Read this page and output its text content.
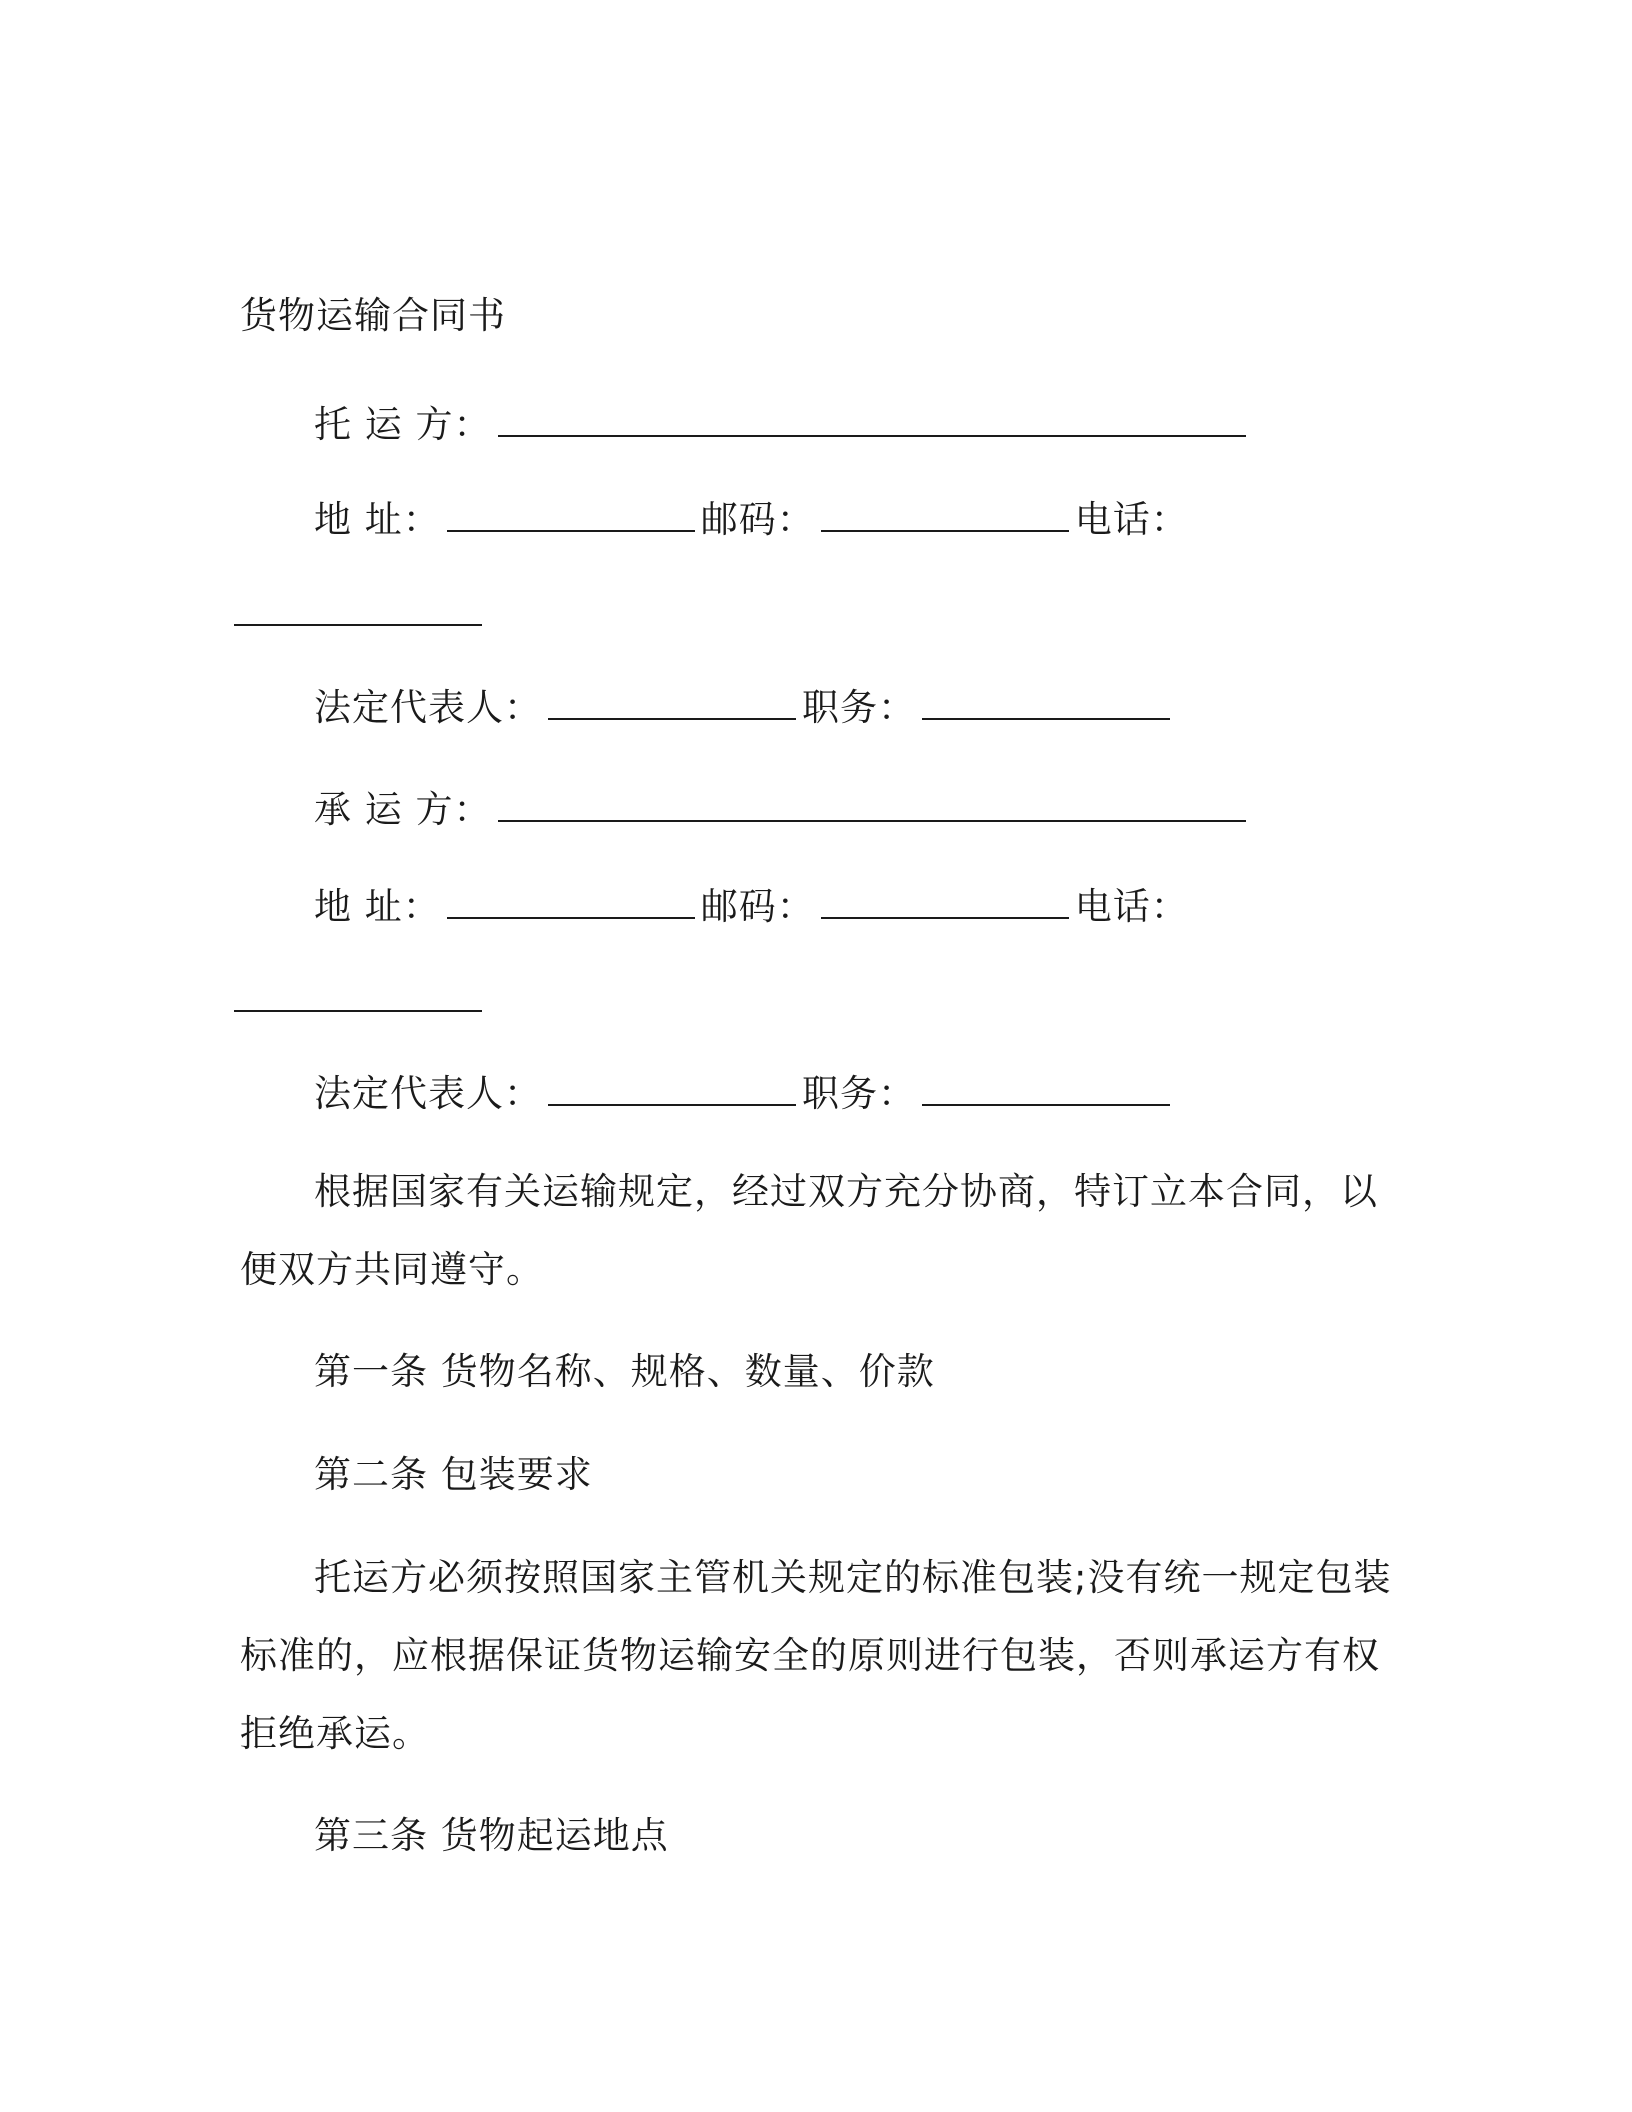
货物运输合同书
托 运 方：
地 址：	邮码：	电话：
法定代表人：	职务：
承 运 方：
地 址：	邮码：	电话：
法定代表人：	职务：
根据国家有关运输规定，经过双方充分协商，特订立本合同，以
便双方共同遵守。
第一条 货物名称、规格、数量、价款
第二条 包装要求
托运方必须按照国家主管机关规定的标准包装;没有统一规定包装
标准的，应根据保证货物运输安全的原则进行包装，否则承运方有权
拒绝承运。
第三条 货物起运地点
